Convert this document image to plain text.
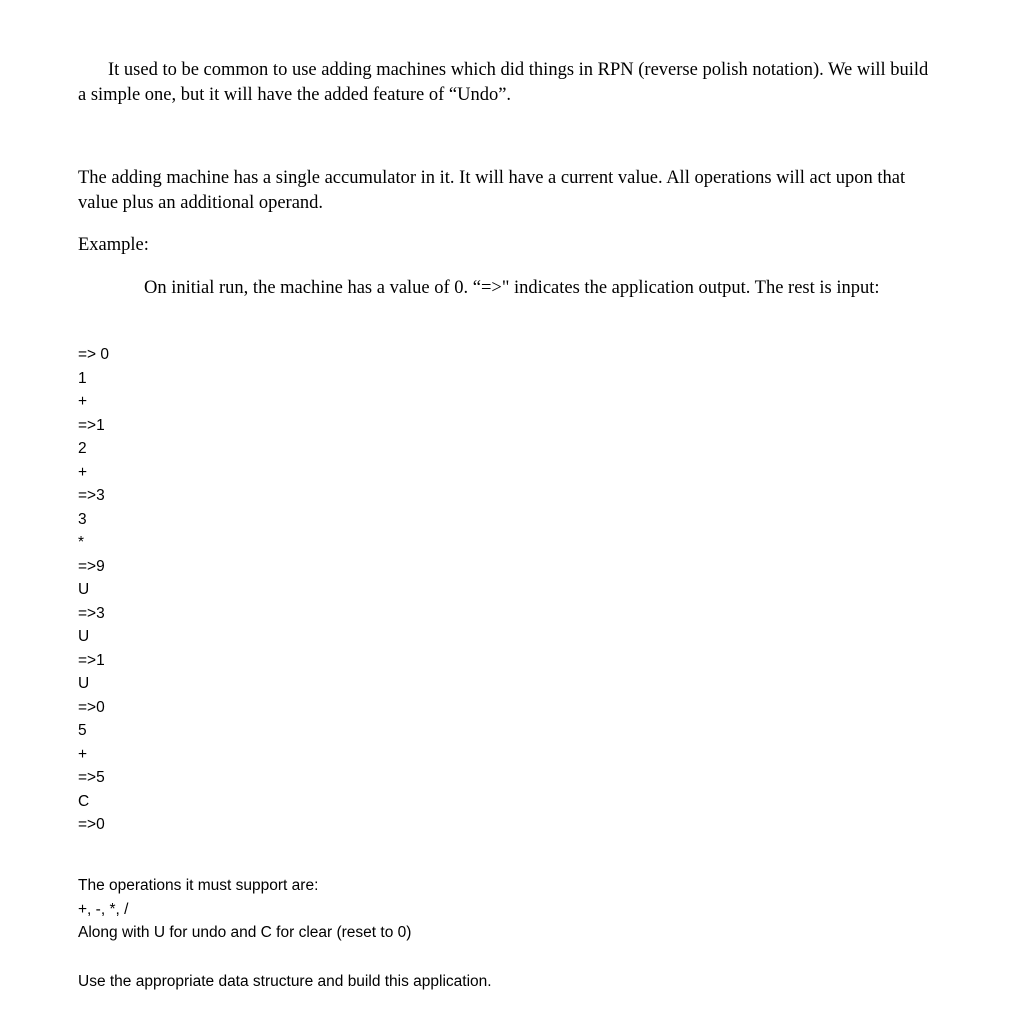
It used to be common to use adding machines which did things in RPN (reverse polish notation). We will build a simple one, but it will have the added feature of “Undo”.

The adding machine has a single accumulator in it. It will have a current value. All operations will act upon that value plus an additional operand.

Example:

On initial run, the machine has a value of 0. “=>" indicates the application output. The rest is input:

=> 0
1
+
=>1
2
+
=>3
3
*
=>9
U
=>3
U
=>1
U
=>0
5
+
=>5
C
=>0

The operations it must support are:

+, -, *, /

Along with U for undo and C for clear (reset to 0)

Use the appropriate data structure and build this application.
